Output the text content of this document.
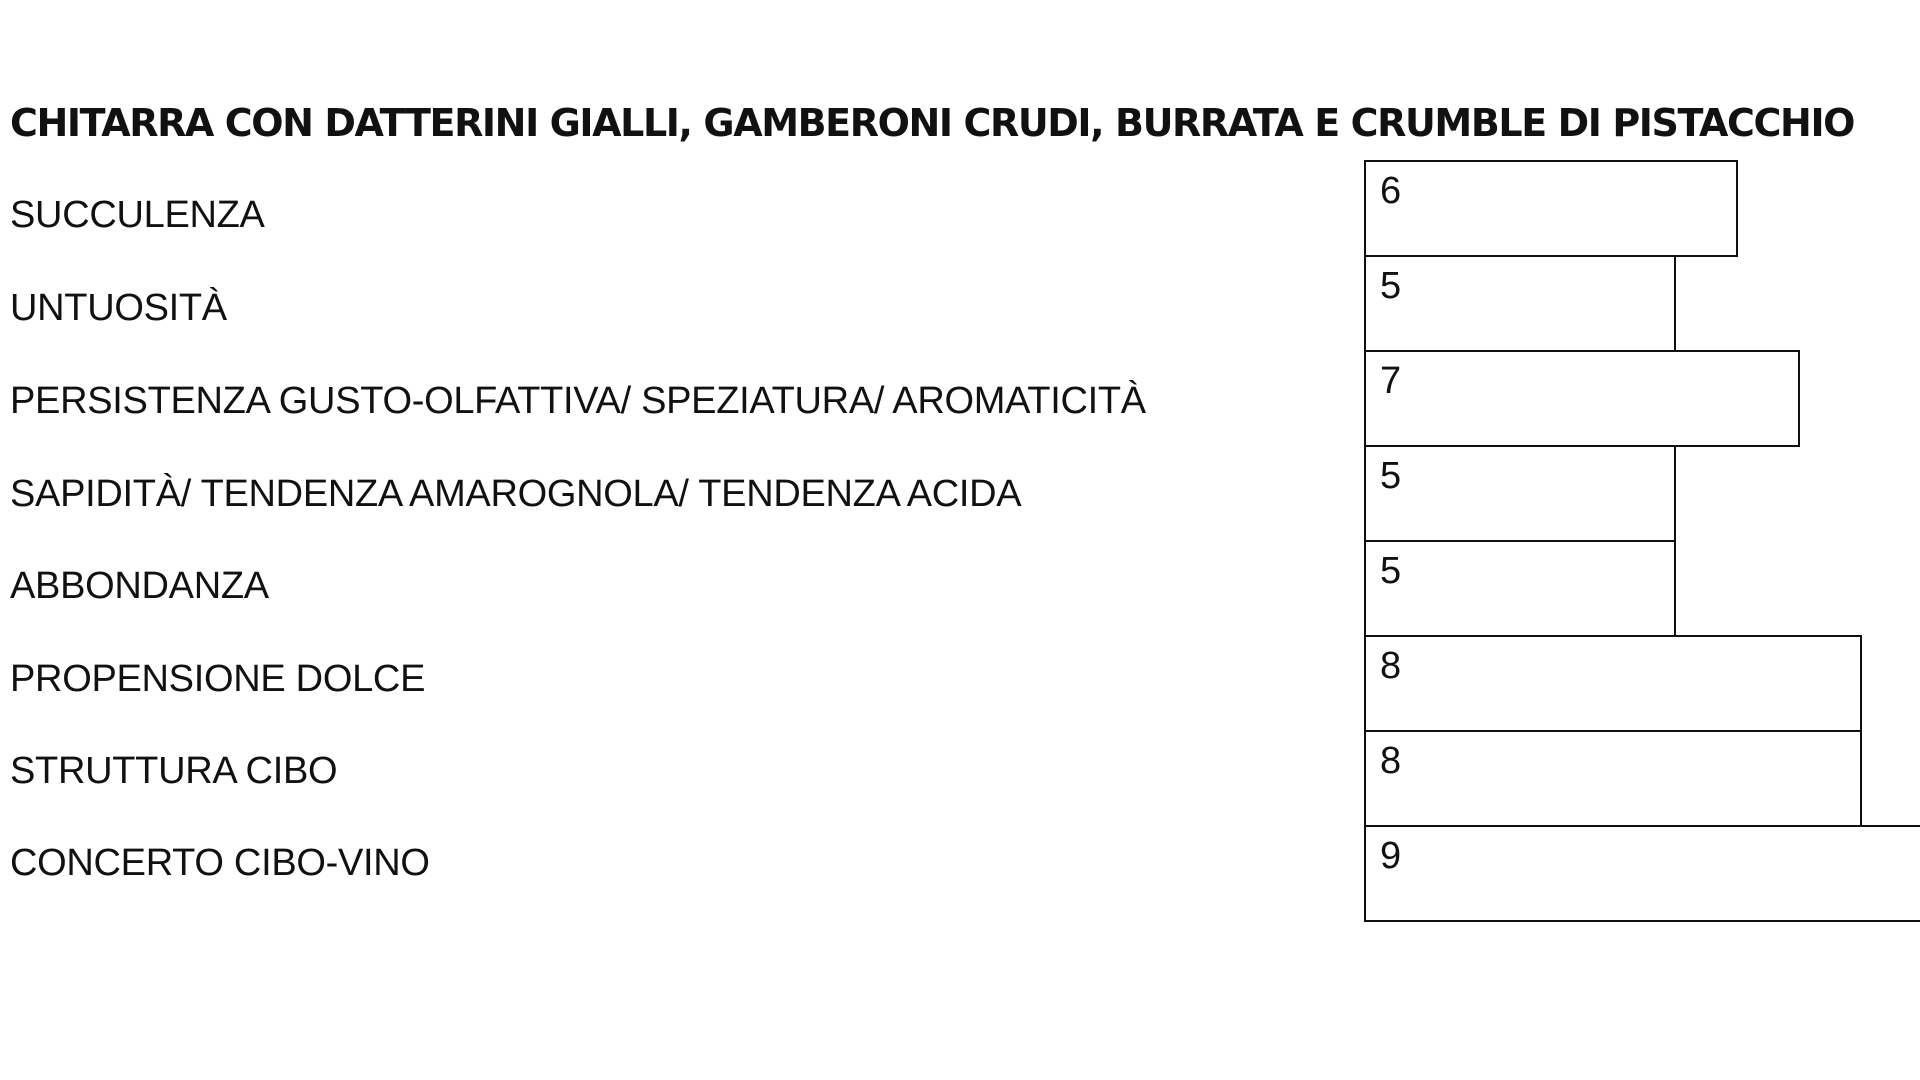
CHITARRA CON DATTERINI GIALLI, GAMBERONI CRUDI, BURRATA E CRUMBLE DI PISTACCHIO
SUCCULENZA
UNTUOSITÀ
PERSISTENZA GUSTO-OLFATTIVA/ SPEZIATURA/ AROMATICITÀ
SAPIDITÀ/ TENDENZA AMAROGNOLA/ TENDENZA ACIDA
ABBONDANZA
PROPENSIONE DOLCE
STRUTTURA CIBO
CONCERTO CIBO-VINO
6
5
7
5
5
8
8
9
